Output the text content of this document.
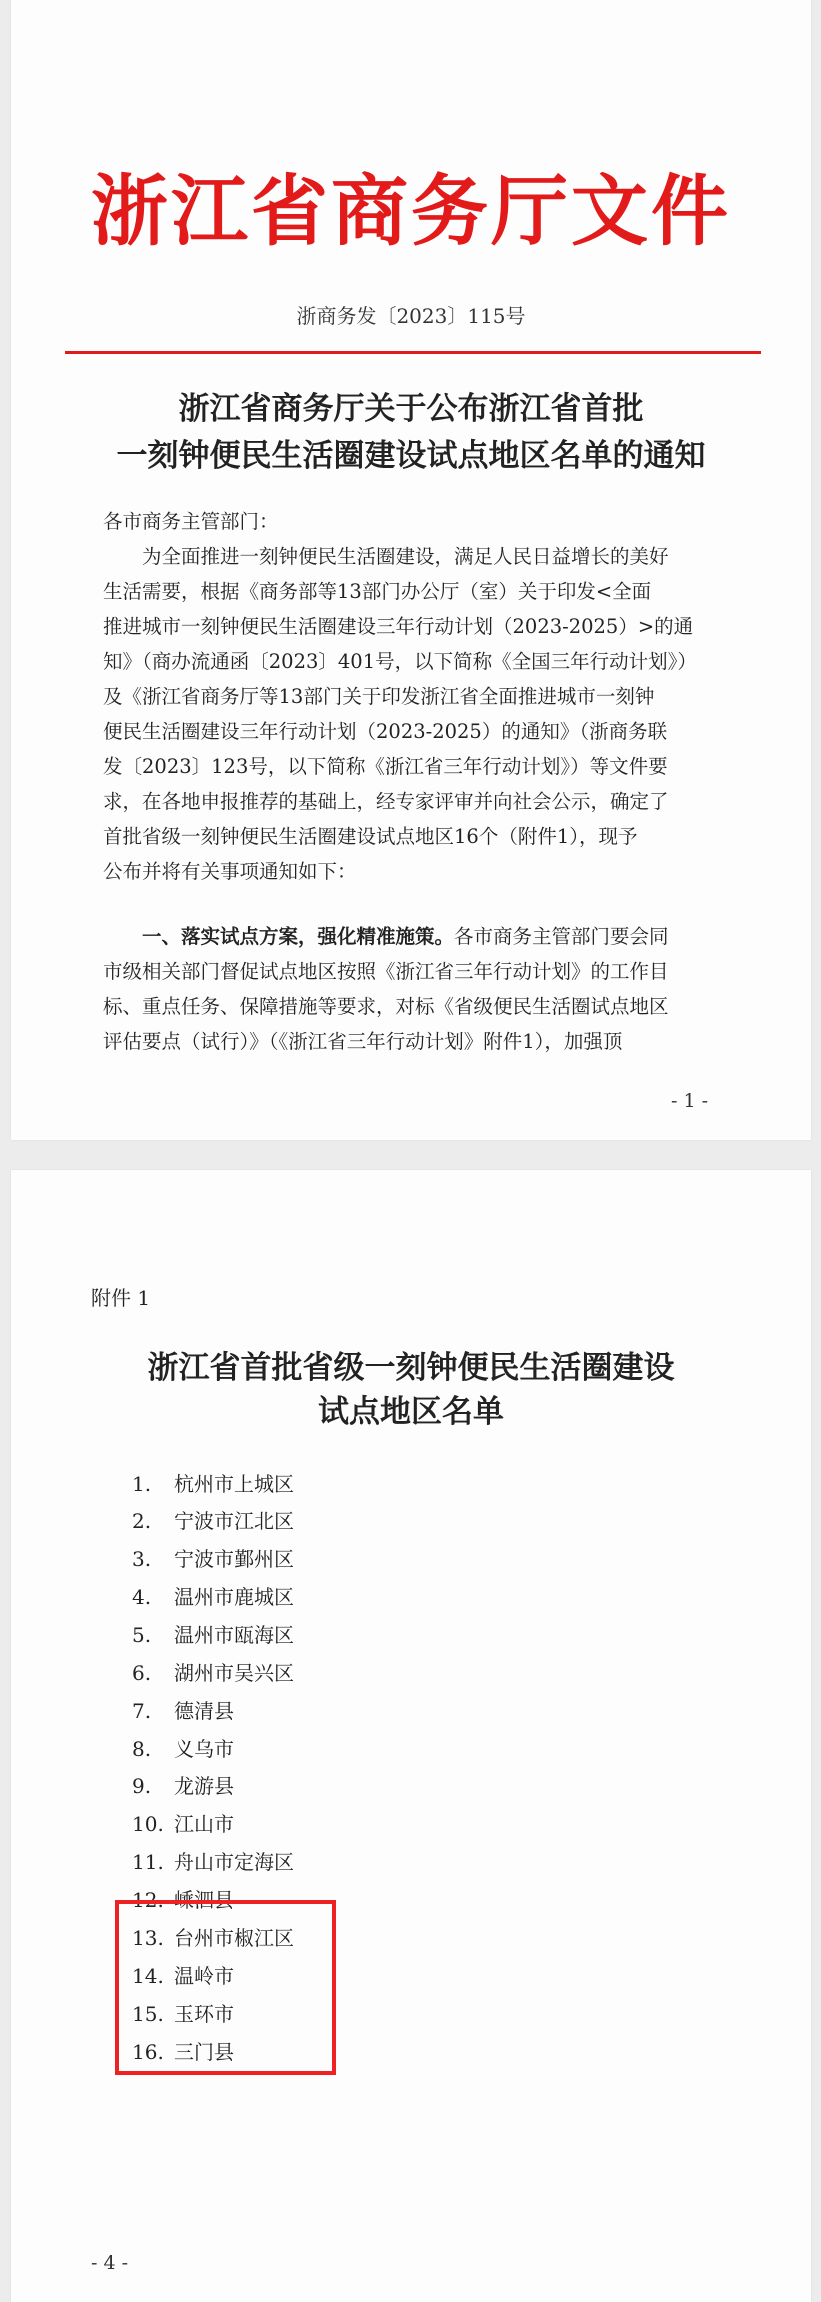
浙江省商务厅文件
浙商务发〔2023〕115号
浙江省商务厅关于公布浙江省首批
一刻钟便民生活圈建设试点地区名单的通知
各市商务主管部门：
　　为全面推进一刻钟便民生活圈建设，满足人民日益增长的美好
生活需要，根据《商务部等13部门办公厅（室）关于印发<全面
推进城市一刻钟便民生活圈建设三年行动计划（2023-2025）>的通
知》（商办流通函〔2023〕401号，以下简称《全国三年行动计划》）
及《浙江省商务厅等13部门关于印发浙江省全面推进城市一刻钟
便民生活圈建设三年行动计划（2023-2025）的通知》（浙商务联
发〔2023〕123号，以下简称《浙江省三年行动计划》）等文件要
求，在各地申报推荐的基础上，经专家评审并向社会公示，确定了
首批省级一刻钟便民生活圈建设试点地区16个（附件1），现予
公布并将有关事项通知如下：
　　一、落实试点方案，强化精准施策。各市商务主管部门要会同
市级相关部门督促试点地区按照《浙江省三年行动计划》的工作目
标、重点任务、保障措施等要求，对标《省级便民生活圈试点地区
评估要点（试行）》（《浙江省三年行动计划》附件1），加强顶
- 1 -
附件 1
浙江省首批省级一刻钟便民生活圈建设
试点地区名单
1. 杭州市上城区
2. 宁波市江北区
3. 宁波市鄞州区
4. 温州市鹿城区
5. 温州市瓯海区
6. 湖州市吴兴区
7. 德清县
8. 义乌市
9. 龙游县
10. 江山市
11. 舟山市定海区
12. 嵊泗县
13. 台州市椒江区
14. 温岭市
15. 玉环市
16. 三门县
- 4 -
